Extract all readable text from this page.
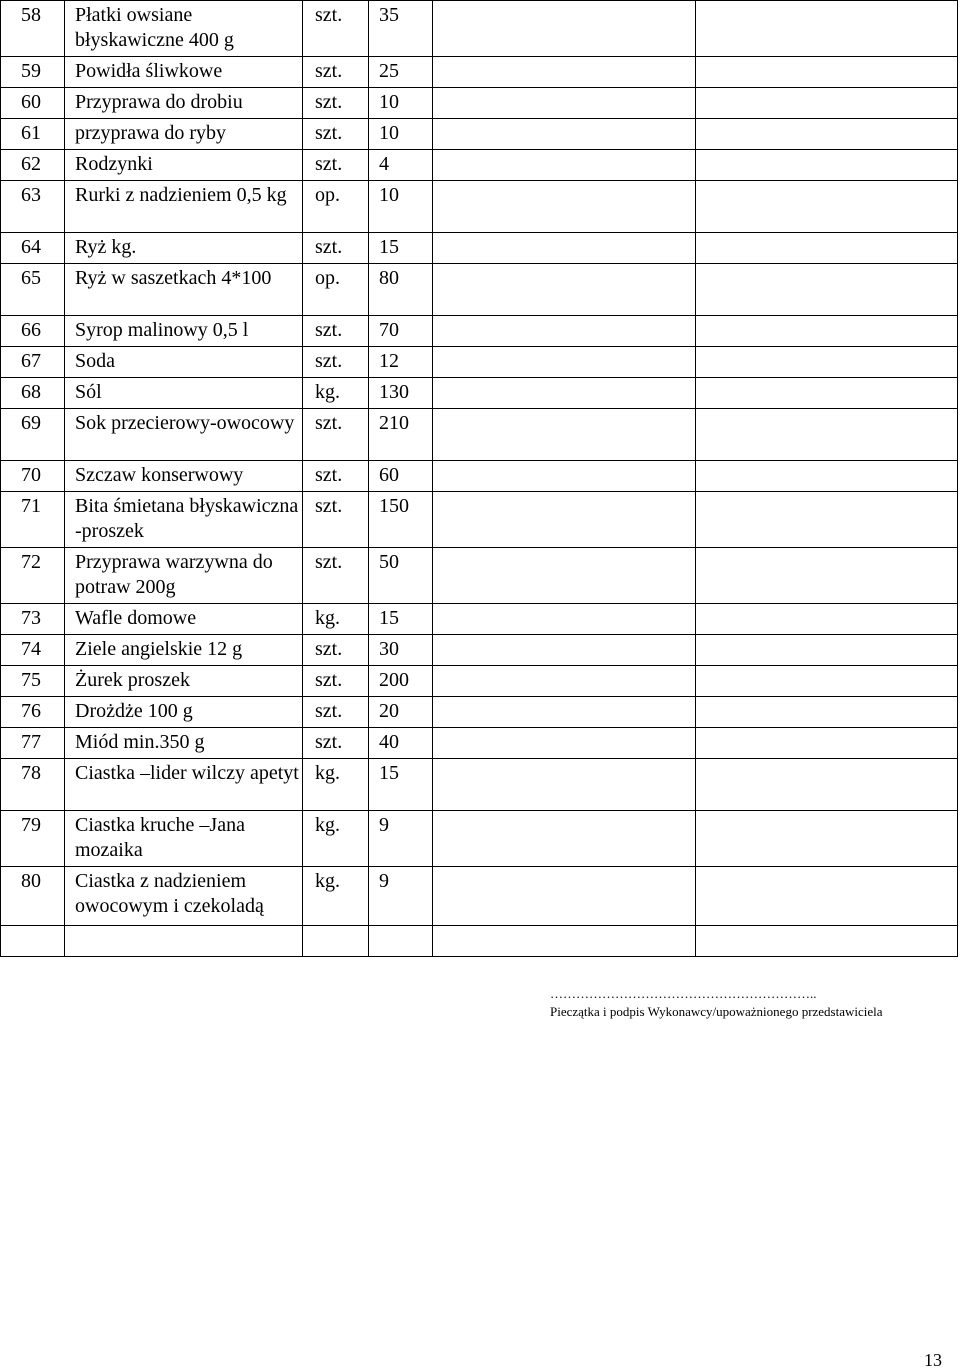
58	Płatki owsiane błyskawiczne 400 g	szt.	35		

59	Powidła śliwkowe	szt.	25		

60	Przyprawa do drobiu	szt.	10		

61	przyprawa do ryby	szt.	10		

62	Rodzynki	szt.	4		

63	Rurki z nadzieniem 0,5 kg	op.	10		

64	Ryż kg.	szt.	15		

65	Ryż w saszetkach 4*100	op.	80		

66	Syrop malinowy 0,5 l	szt.	70		

67	Soda	szt.	12		

68	Sól	kg.	130		

69	Sok przecierowy-owocowy	szt.	210		

70	Szczaw konserwowy	szt.	60		

71	Bita śmietana błyskawiczna -proszek	szt.	150		

72	Przyprawa warzywna do potraw 200g	szt.	50		

73	Wafle domowe	kg.	15		

74	Ziele angielskie 12 g	szt.	30		

75	Żurek proszek	szt.	200		

76	Drożdże 100 g	szt.	20		

77	Miód min.350 g	szt.	40		

78	Ciastka –lider wilczy apetyt	kg.	15		

79	Ciastka kruche –Jana mozaika	kg.	9		

80	Ciastka z nadzieniem owocowym i czekoladą	kg.	9		

……………………………………………………..
Pieczątka i podpis Wykonawcy/upoważnionego przedstawiciela
13
